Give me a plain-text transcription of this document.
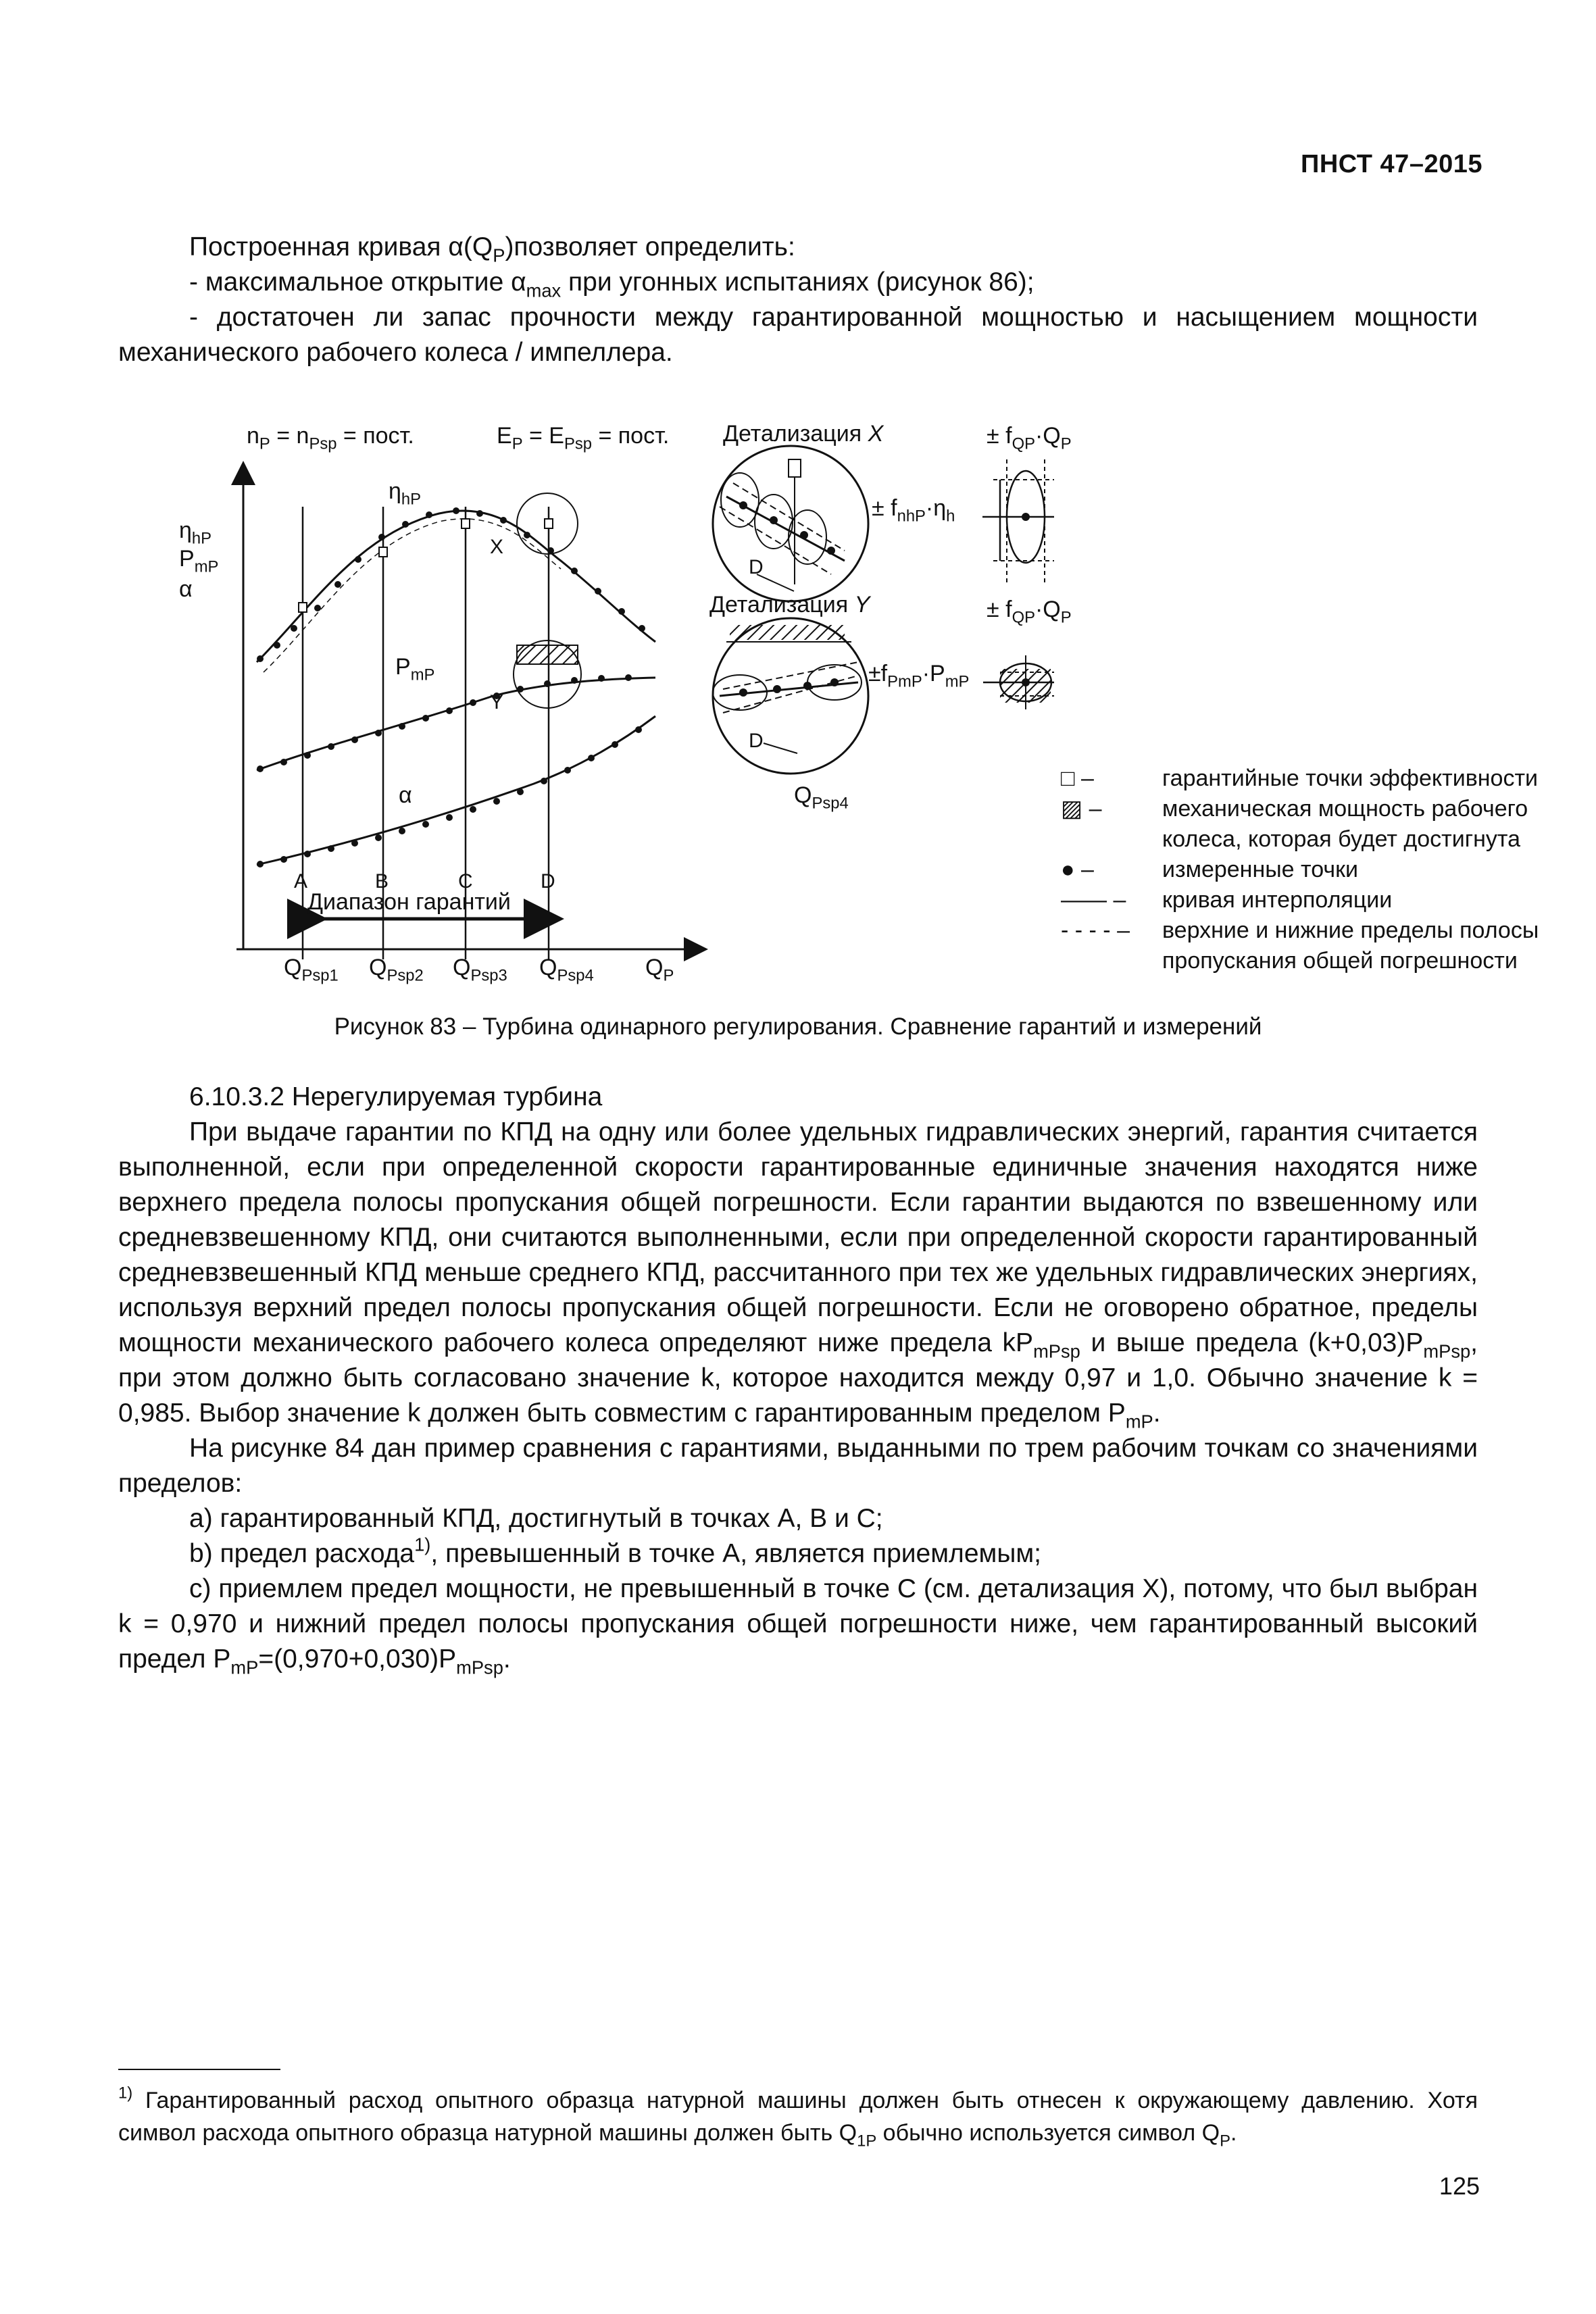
ПНСТ 47–2015

Построенная кривая $\alpha(Q_P)позволяет$ определить:

- максимальное открытие $\alpha_{max}$ при угонных испытаниях (рисунок 86);

- достаточен ли запас прочности между гарантированной мощностью и насыщением мощности механического рабочего колеса / импеллера.

$n_P = n_{Psp}$ = пост.	$E_P = E_{Psp}$ = пост.
$\eta_{hP}$
$P_{mP}$
α
$\eta_{hP}$
$P_{mP}$
α
X
Y
A	B	C	D
Диапазон гарантий
$Q_{Psp1}$ $Q_{Psp2}$ $Q_{Psp3}$ $Q_{Psp4}$ $Q_P$
Детализация X
Детализация Y
D
D
$Q_{Psp4}$
± $f_{QP}\cdot Q_P$
± $f_{nhP}\cdot\eta_h$
± $f_{QP}\cdot Q_P$
$\pm f_{PmP}\cdot P_{mP}$
□ –	гарантийные точки эффективности
▨ –	механическая мощность рабочего
колеса, которая будет достигнута
● –	измеренные точки
—— –	кривая интерполяции
- - - - –	верхние и нижние пределы полосы
пропускания общей погрешности
Рисунок 83 – Турбина одинарного регулирования. Сравнение гарантий и измерений

6.10.3.2 Нерегулируемая турбина

При выдаче гарантии по КПД на одну или более удельных гидравлических энергий, гарантия считается выполненной, если при определенной скорости гарантированные единичные значения находятся ниже верхнего предела полосы пропускания общей погрешности. Если гарантии выдаются по взвешенному или средневзвешенному КПД, они считаются выполненными, если при определенной скорости гарантированный средневзвешенный КПД меньше среднего КПД, рассчитанного при тех же удельных гидравлических энергиях, используя верхний предел полосы пропускания общей погрешности. Если не оговорено обратное, пределы мощности механического рабочего колеса определяют ниже предела $kP_{mPsp}$ и выше предела $(k+0,03)P_{mPsp}$, при этом должно быть согласовано значение k, которое находится между 0,97 и 1,0. Обычно значение k = 0,985. Выбор значение k должен быть совместим с гарантированным пределом $P_{mP}$.

На рисунке 84 дан пример сравнения с гарантиями, выданными по трем рабочим точкам со значениями пределов:

a) гарантированный КПД, достигнутый в точках A, B и C;

b) предел расхода$^{1)}$, превышенный в точке A, является приемлемым;

c) приемлем предел мощности, не превышенный в точке C (см. детализация X), потому, что был выбран k = 0,970 и нижний предел полосы пропускания общей погрешности ниже, чем гарантированный высокий предел $P_{mP}=(0,970+0,030)P_{mPsp}$.

$^{1)}$ Гарантированный расход опытного образца натурной машины должен быть отнесен к окружающему давлению. Хотя символ расхода опытного образца натурной машины должен быть $Q_{1P}$ обычно используется символ $Q_P$.

125
